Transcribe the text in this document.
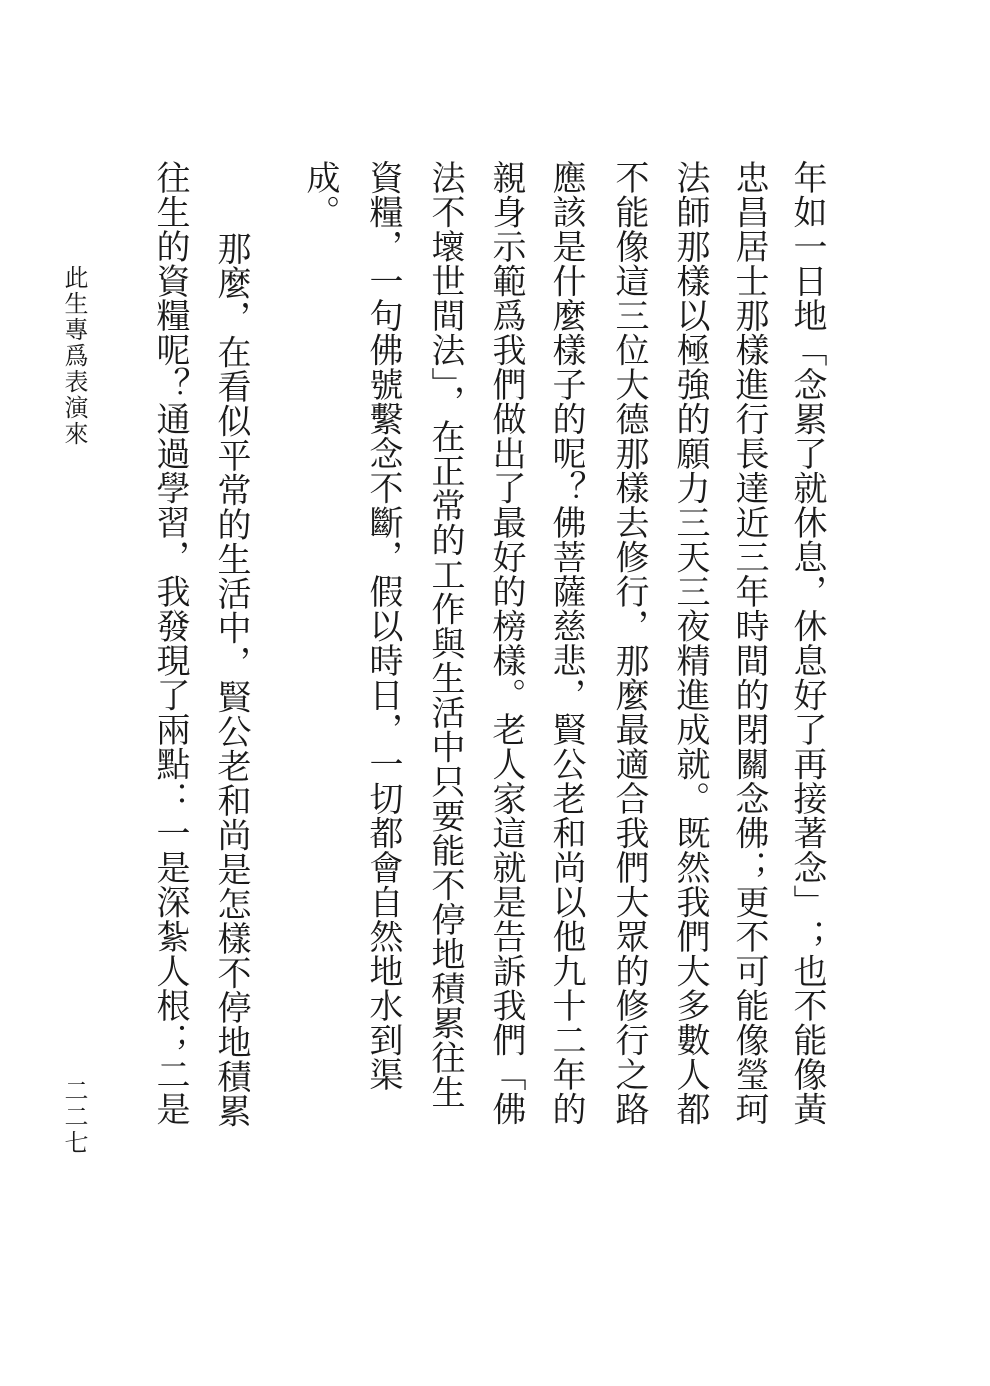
年如一日地「念累了就休息，休息好了再接著念」；也不能像黃
忠昌居士那樣進行長達近三年時間的閉關念佛；更不可能像瑩珂
法師那樣以極強的願力三天三夜精進成就。既然我們大多數人都
不能像這三位大德那樣去修行，那麼最適合我們大眾的修行之路
應該是什麼樣子的呢？佛菩薩慈悲，賢公老和尚以他九十二年的
親身示範爲我們做出了最好的榜樣。老人家這就是告訴我們「佛
法不壞世間法」，在正常的工作與生活中只要能不停地積累往生
資糧，一句佛號繫念不斷，假以時日，一切都會自然地水到渠
成。
那麼，在看似平常的生活中，賢公老和尚是怎樣不停地積累
往生的資糧呢？通過學習，我發現了兩點：一是深紮人根；二是
此生專爲表演來
二二七
